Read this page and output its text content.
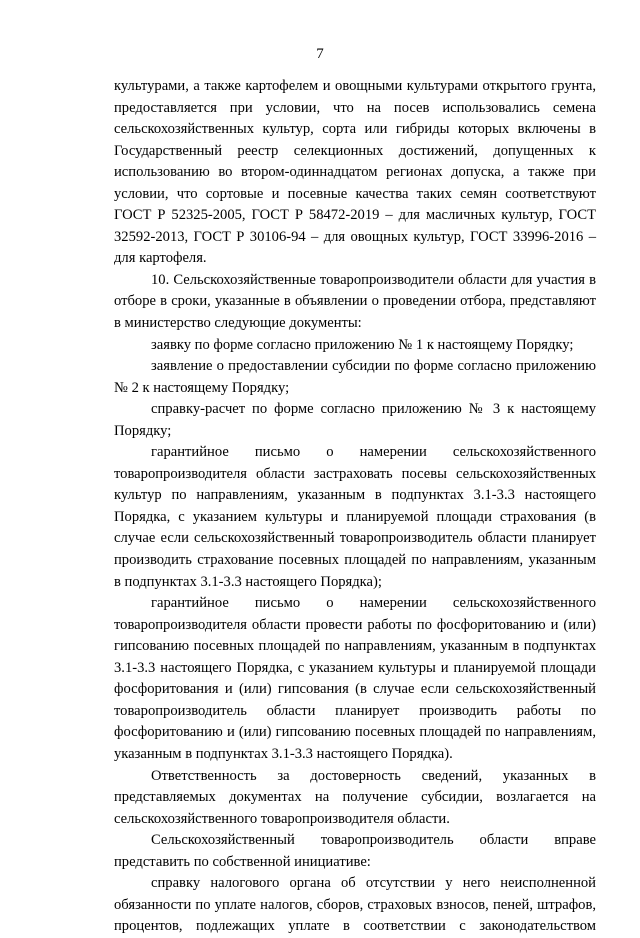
7

культурами, а также картофелем и овощными культурами открытого грунта, предоставляется при условии, что на посев использовались семена сельскохозяйственных культур, сорта или гибриды которых включены в Государственный реестр селекционных достижений, допущенных к использованию во втором-одиннадцатом регионах допуска, а также при условии, что сортовые и посевные качества таких семян соответствуют ГОСТ Р 52325-2005, ГОСТ Р 58472-2019 – для масличных культур, ГОСТ 32592-2013, ГОСТ Р 30106-94 – для овощных культур, ГОСТ 33996-2016 – для картофеля.

10. Сельскохозяйственные товаропроизводители области для участия в отборе в сроки, указанные в объявлении о проведении отбора, представляют в министерство следующие документы:

заявку по форме согласно приложению № 1 к настоящему Порядку;

заявление о предоставлении субсидии по форме согласно приложению № 2 к настоящему Порядку;

справку-расчет по форме согласно приложению № 3 к настоящему Порядку;

гарантийное письмо о намерении сельскохозяйственного товаропроизводителя области застраховать посевы сельскохозяйственных культур по направлениям, указанным в подпунктах 3.1-3.3 настоящего Порядка, с указанием культуры и планируемой площади страхования (в случае если сельскохозяйственный товаропроизводитель области планирует производить страхование посевных площадей по направлениям, указанным в подпунктах 3.1-3.3 настоящего Порядка);

гарантийное письмо о намерении сельскохозяйственного товаропроизводителя области провести работы по фосфоритованию и (или) гипсованию посевных площадей по направлениям, указанным в подпунктах 3.1-3.3 настоящего Порядка, с указанием культуры и планируемой площади фосфоритования и (или) гипсования (в случае если сельскохозяйственный товаропроизводитель области планирует производить работы по фосфоритованию и (или) гипсованию посевных площадей по направлениям, указанным в подпунктах 3.1-3.3 настоящего Порядка).

Ответственность за достоверность сведений, указанных в представляемых документах на получение субсидии, возлагается на сельскохозяйственного товаропроизводителя области.

Сельскохозяйственный товаропроизводитель области вправе представить по собственной инициативе:

справку налогового органа об отсутствии у него неисполненной обязанности по уплате налогов, сборов, страховых взносов, пеней, штрафов, процентов, подлежащих уплате в соответствии с законодательством
